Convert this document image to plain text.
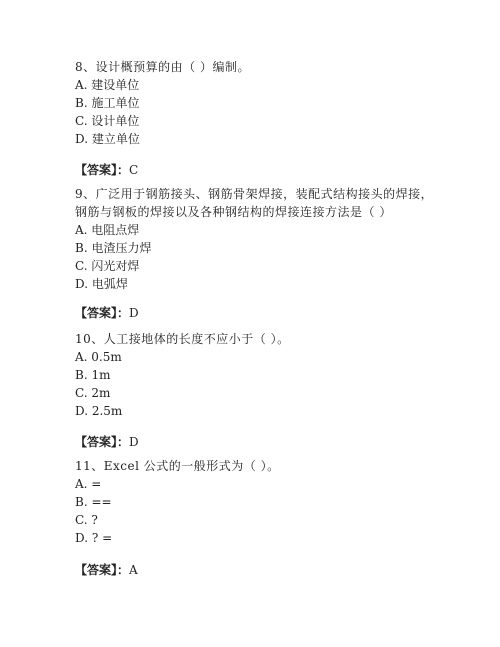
8、设计概预算的由（ ）编制。
A. 建设单位
B. 施工单位
C. 设计单位
D. 建立单位
【答案】：C
9、广泛用于钢筋接头、钢筋骨架焊接，装配式结构接头的焊接，钢筋与钢板的焊接以及各种钢结构的焊接连接方法是（ ）
A. 电阻点焊
B. 电渣压力焊
C. 闪光对焊
D. 电弧焊
【答案】：D
10、人工接地体的长度不应小于（ ）。
A. 0.5m
B. 1m
C. 2m
D. 2.5m
【答案】：D
11、Excel 公式的一般形式为（ ）。
A. =
B. ==
C. ?
D. ? =
【答案】：A
